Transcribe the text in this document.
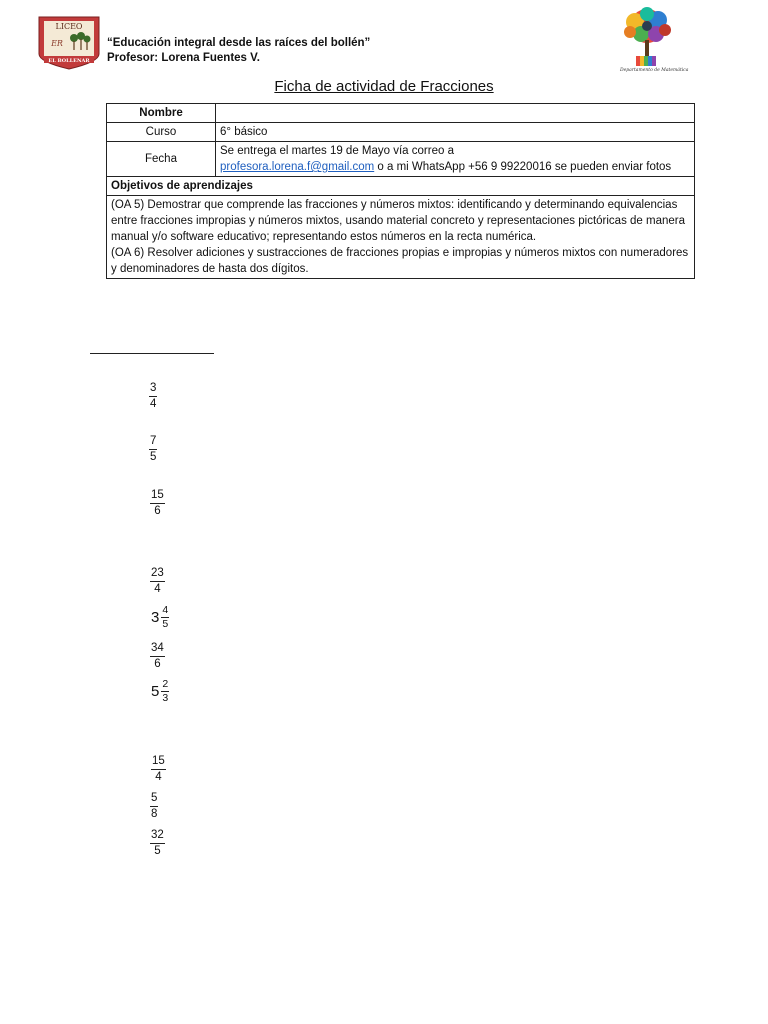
LICEO
ER
EL BOLLENAR
“Educación integral desde las raíces del bollén”
Profesor: Lorena Fuentes V.
Departamento de Matemática
Ficha de actividad de Fracciones
Nombre	
Curso	6° básico
Fecha	Se entrega el martes 19 de Mayo vía correo a
profesora.lorena.f@gmail.com o a mi WhatsApp +56 9 99220016 se pueden enviar fotos
Objetivos de aprendizajes	

(OA 5) Demostrar que comprende las fracciones y números mixtos: identificando y determinando equivalencias entre fracciones impropias y números mixtos, usando material concreto y representaciones pictóricas de manera manual y/o software educativo; representando estos números en la recta numérica.
(OA 6) Resolver adiciones y sustracciones de fracciones propias e impropias y números mixtos con numeradores y denominadores de hasta dos dígitos.	
3
4
7
5
15
6
23
4
$3 \frac{4}{5}$
34
6
$5 \frac{2}{3}$
15
4
5
8
32
5
